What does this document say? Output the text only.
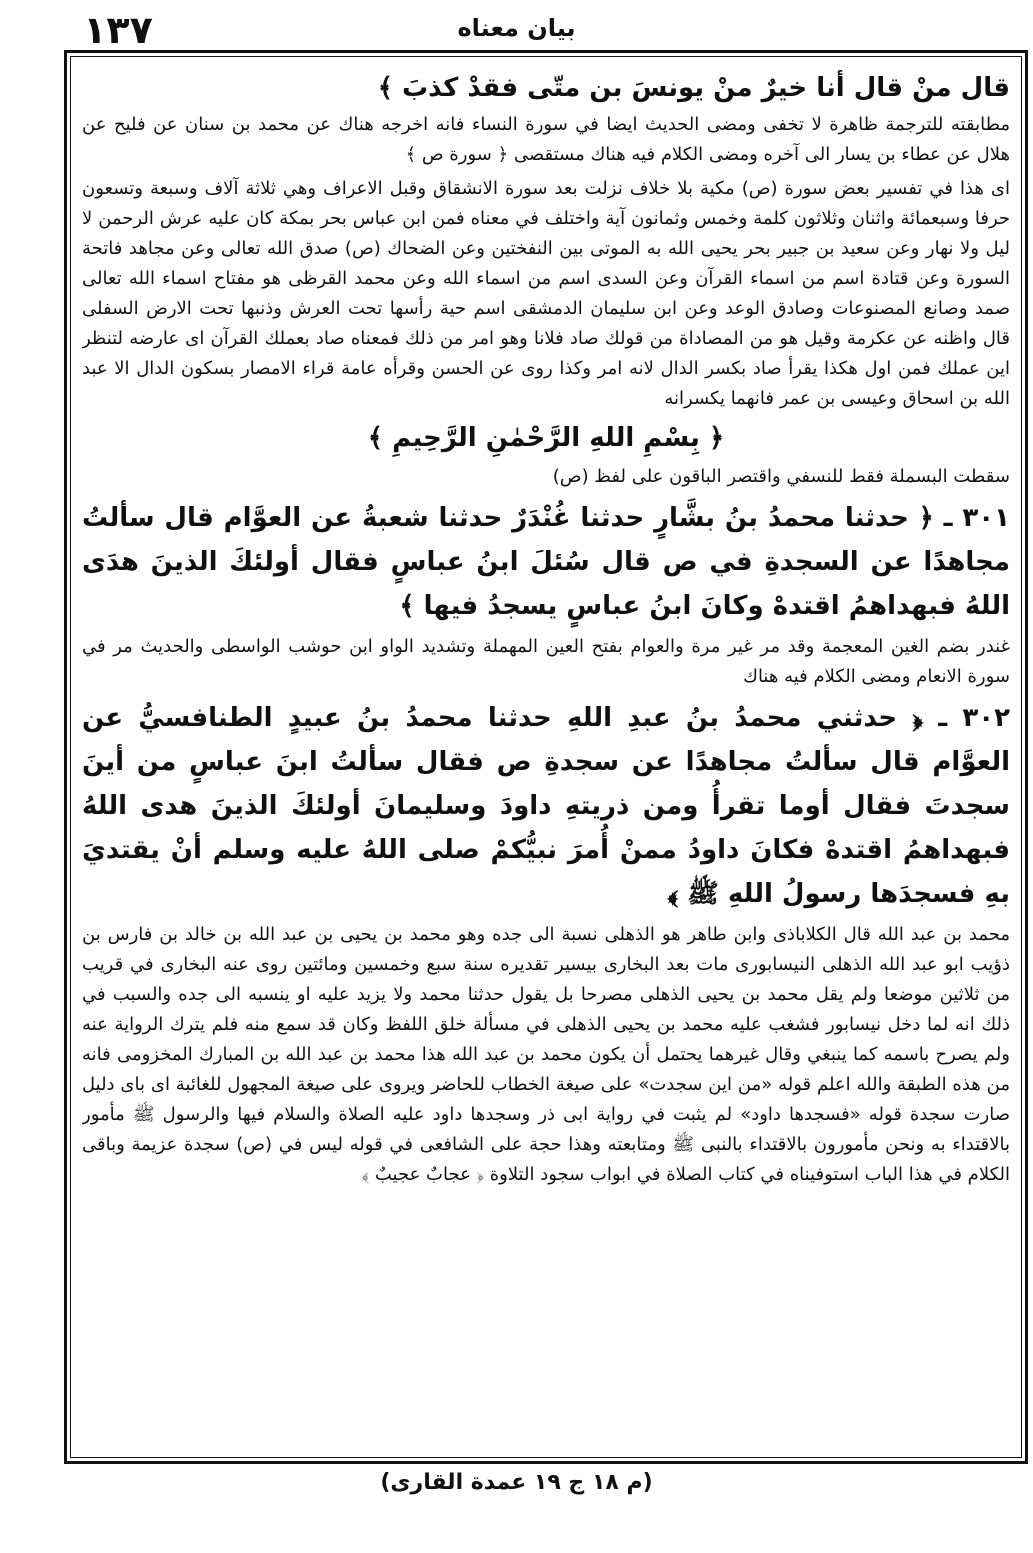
١٣٧	بيان معناه

قال منْ قال أنا خيرٌ منْ يونسَ بن متّى فقدْ كذبَ ﴾

مطابقته للترجمة ظاهرة لا تخفى ومضى الحديث ايضا في سورة النساء فانه اخرجه هناك عن محمد بن سنان عن فليح عن هلال عن عطاء بن يسار الى آخره ومضى الكلام فيه هناك مستقصى ﴿ سورة ص ﴾

اى هذا في تفسير بعض سورة (ص) مكية بلا خلاف نزلت بعد سورة الانشقاق وقبل الاعراف وهي ثلاثة آلاف وسبعة وتسعون حرفا وسبعمائة واثنان وثلاثون كلمة وخمس وثمانون آية واختلف في معناه فمن ابن عباس بحر بمكة كان عليه عرش الرحمن لا ليل ولا نهار وعن سعيد بن جبير بحر يحيى الله به الموتى بين النفختين وعن الضحاك (ص) صدق الله تعالى وعن مجاهد فاتحة السورة وعن قتادة اسم من اسماء القرآن وعن السدى اسم من اسماء الله وعن محمد القرظى هو مفتاح اسماء الله تعالى صمد وصانع المصنوعات وصادق الوعد وعن ابن سليمان الدمشقى اسم حية رأسها تحت العرش وذنبها تحت الارض السفلى قال واظنه عن عكرمة وقيل هو من المصاداة من قولك صاد فلانا وهو امر من ذلك فمعناه صاد بعملك القرآن اى عارضه لتنظر اين عملك فمن اول هكذا يقرأ صاد بكسر الدال لانه امر وكذا روى عن الحسن وقرأه عامة قراء الامصار بسكون الدال الا عبد الله بن اسحاق وعيسى بن عمر فانهما يكسرانه

﴿ بِسْمِ اللهِ الرَّحْمٰنِ الرَّحِيمِ ﴾

سقطت البسملة فقط للنسفي واقتصر الباقون على لفظ (ص)

٣٠١ ـ ﴿ حدثنا محمدُ بنُ بشَّارٍ حدثنا غُنْدَرٌ حدثنا شعبةُ عن العوَّام قال سألتُ مجاهدًا عن السجدةِ في ص قال سُئلَ ابنُ عباسٍ فقال أولئكَ الذينَ هدَى اللهُ فبهداهمُ اقتدهْ وكانَ ابنُ عباسٍ يسجدُ فيها ﴾

غندر بضم الغين المعجمة وقد مر غير مرة والعوام بفتح العين المهملة وتشديد الواو ابن حوشب الواسطى والحديث مر في سورة الانعام ومضى الكلام فيه هناك

٣٠٢ ـ ﴿ حدثني محمدُ بنُ عبدِ اللهِ حدثنا محمدُ بنُ عبيدٍ الطنافسيُّ عن العوَّام قال سألتُ مجاهدًا عن سجدةِ ص فقال سألتُ ابنَ عباسٍ من أينَ سجدتَ فقال أوما تقرأُ ومن ذريتهِ داودَ وسليمانَ أولئكَ الذينَ هدى اللهُ فبهداهمُ اقتدهْ فكانَ داودُ ممنْ أُمرَ نبيُّكمْ صلى اللهُ عليه وسلم أنْ يقتديَ بهِ فسجدَها رسولُ اللهِ ﷺ ﴾

محمد بن عبد الله قال الكلاباذى وابن طاهر هو الذهلى نسبة الى جده وهو محمد بن يحيى بن عبد الله بن خالد بن فارس بن ذؤيب ابو عبد الله الذهلى النيسابورى مات بعد البخارى بيسير تقديره سنة سبع وخمسين ومائتين روى عنه البخارى في قريب من ثلاثين موضعا ولم يقل محمد بن يحيى الذهلى مصرحا بل يقول حدثنا محمد ولا يزيد عليه او ينسبه الى جده والسبب في ذلك انه لما دخل نيسابور فشغب عليه محمد بن يحيى الذهلى في مسألة خلق اللفظ وكان قد سمع منه فلم يترك الرواية عنه ولم يصرح باسمه كما ينبغي وقال غيرهما يحتمل أن يكون محمد بن عبد الله هذا محمد بن عبد الله بن المبارك المخزومى فانه من هذه الطبقة والله اعلم قوله «من اين سجدت» على صيغة الخطاب للحاضر ويروى على صيغة المجهول للغائبة اى باى دليل صارت سجدة قوله «فسجدها داود» لم يثبت في رواية ابى ذر وسجدها داود عليه الصلاة والسلام فيها والرسول ﷺ مأمور بالاقتداء به ونحن مأمورون بالاقتداء بالنبى ﷺ ومتابعته وهذا حجة على الشافعى في قوله ليس في (ص) سجدة عزيمة وباقى الكلام في هذا الباب استوفيناه في كتاب الصلاة في ابواب سجود التلاوة ﴿ عجابٌ عجيبٌ ﴾

(م ١٨ ج ١٩ عمدة القارى)
